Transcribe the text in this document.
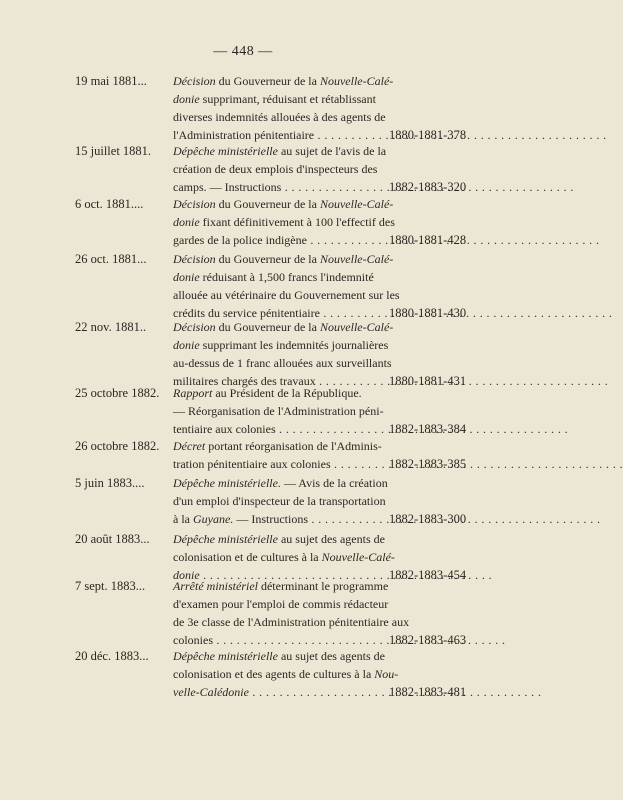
— 448 —
19 mai 1881...	Décision du Gouverneur de la Nouvelle-Calé-
donie supprimant, réduisant et rétablissant
diverses indemnités allouées à des agents de
l'Administration pénitentiaire . . .	1880-1881-378
15 juillet 1881.	Dépêche ministérielle au sujet de l'avis de la
création de deux emplois d'inspecteurs des
camps. — Instructions . . .	1882-1883-320
6 oct. 1881....	Décision du Gouverneur de la Nouvelle-Calé-
donie fixant définitivement à 100 l'effectif des
gardes de la police indigène . . .	1880-1881-428
26 oct. 1881...	Décision du Gouverneur de la Nouvelle-Calé-
donie réduisant à 1,500 francs l'indemnité
allouée au vétérinaire du Gouvernement sur les
crédits du service pénitentiaire . . .	1880-1881-430
22 nov. 1881..	Décision du Gouverneur de la Nouvelle-Calé-
donie supprimant les indemnités journalières
au-dessus de 1 franc allouées aux surveillants
militaires chargés des travaux . . .	1880-1881-431
25 octobre 1882.	Rapport au Président de la République.
— Réorganisation de l'Administration péni-
tentiaire aux colonies . . .	1882-1883-384
26 octobre 1882.	Décret portant réorganisation de l'Adminis-
tration pénitentiaire aux colonies . . .	1882-1883-385
5 juin 1883....	Dépêche ministérielle. — Avis de la création
d'un emploi d'inspecteur de la transportation
à la Guyane. — Instructions . . .	1882-1883-300
20 août 1883...	Dépêche ministérielle au sujet des agents de
colonisation et de cultures à la Nouvelle-Calé-
donie . . .	1882-1883-454
7 sept. 1883...	Arrêté ministériel déterminant le programme
d'examen pour l'emploi de commis rédacteur
de 3e classe de l'Administration pénitentiaire aux
colonies . . .	1882-1883-463
20 déc. 1883...	Dépêche ministérielle au sujet des agents de
colonisation et des agents de cultures à la Nou-
velle-Calédonie . . .	1882-1883-481
